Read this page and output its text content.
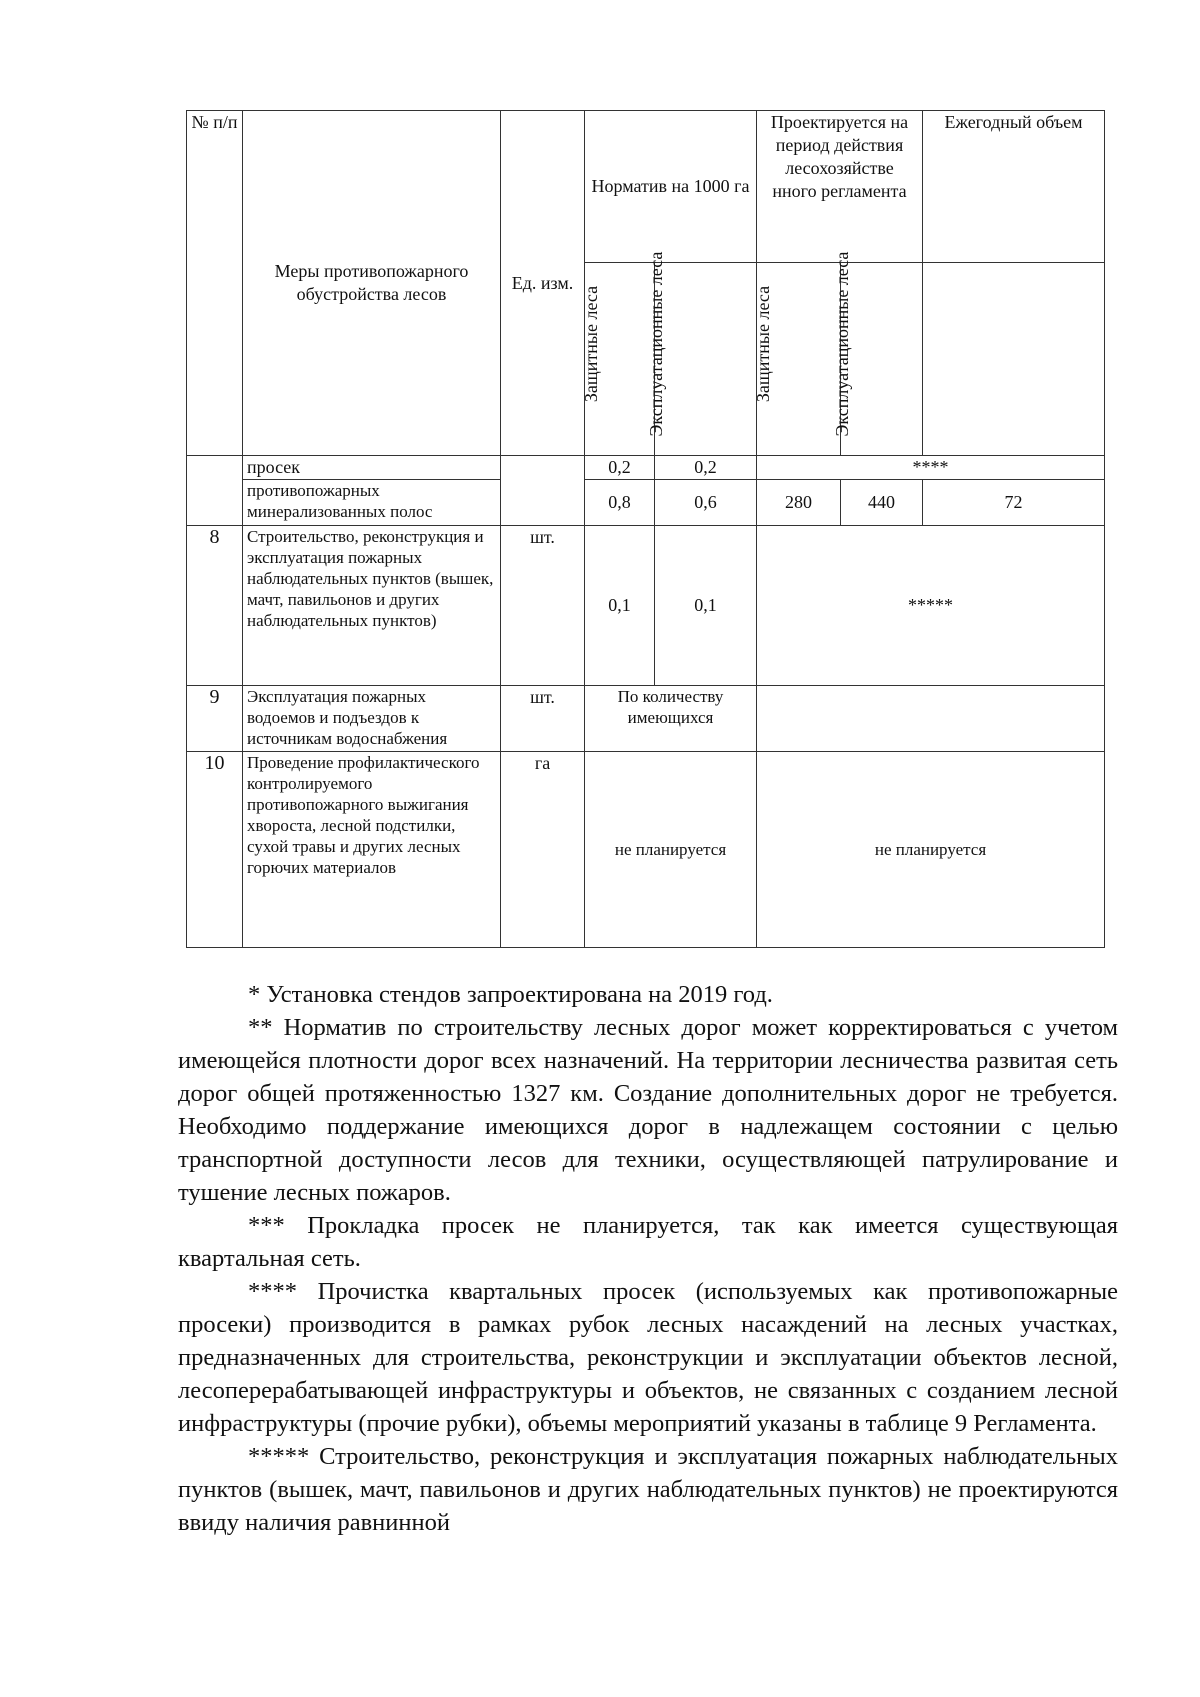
№ п/п	Меры противопожарного обустройства лесов	Ед. изм.	Норматив на 1000 га		Проектируется на период действия лесохозяйстве нного регламента		Ежегодный объем

			Защитные леса	Эксплуатационные леса	Защитные леса	Эксплуатационные леса	

	просек		0,2	0,2	****		
	противопожарных минерализованных полос		0,8	0,6	280	440	72
8	Строительство, реконструкция и эксплуатация пожарных наблюдательных пунктов (вышек, мачт, павильонов и других наблюдательных пунктов)	шт.	0,1	0,1	*****		
9	Эксплуатация пожарных водоемов и подъездов к источникам водоснабжения	шт.	По количеству имеющихся				
10	Проведение профилактического контролируемого противопожарного выжигания хвороста, лесной подстилки, сухой травы и других лесных горючих материалов	га	не планируется		не планируется		

* Установка стендов запроектирована на 2019 год.

** Норматив по строительству лесных дорог может корректироваться с учетом имеющейся плотности дорог всех назначений. На территории лесничества развитая сеть дорог общей протяженностью 1327 км. Создание дополнительных дорог не требуется. Необходимо поддержание имеющихся дорог в надлежащем состоянии с целью транспортной доступности лесов для техники, осуществляющей патрулирование и тушение лесных пожаров.

*** Прокладка просек не планируется, так как имеется существующая квартальная сеть.

**** Прочистка квартальных просек (используемых как противопожарные просеки) производится в рамках рубок лесных насаждений на лесных участках, предназначенных для строительства, реконструкции и эксплуатации объектов лесной, лесоперерабатывающей инфраструктуры и объектов, не связанных с созданием лесной инфраструктуры (прочие рубки), объемы мероприятий указаны в таблице 9 Регламента.

***** Строительство, реконструкция и эксплуатация пожарных наблюдательных пунктов (вышек, мачт, павильонов и других наблюдательных пунктов) не проектируются ввиду наличия равнинной
